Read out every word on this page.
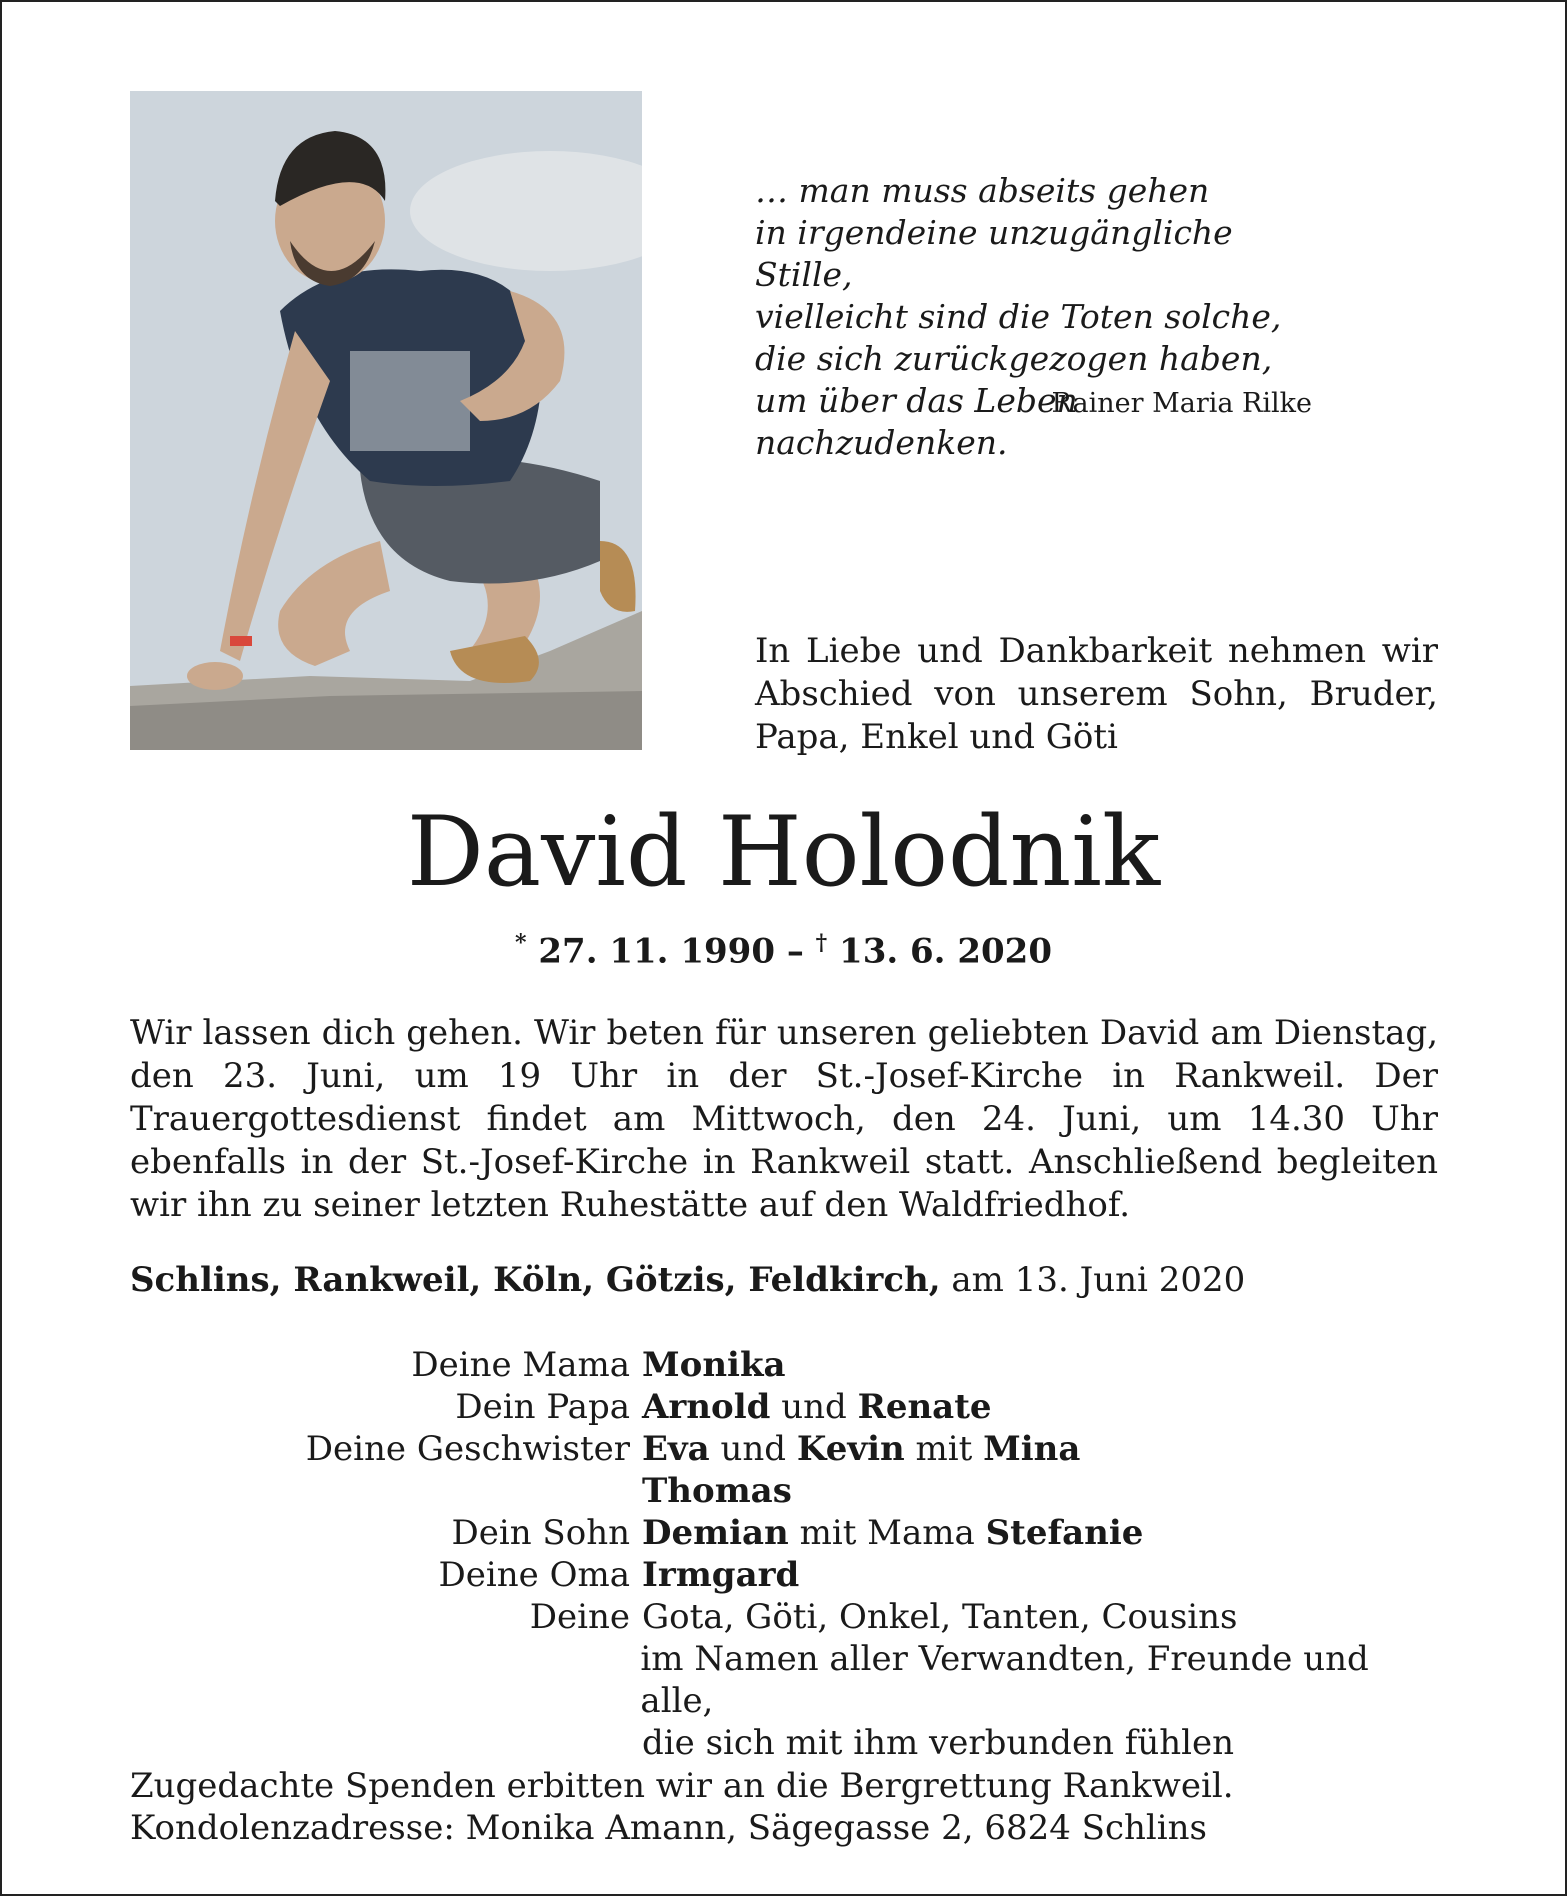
… man muss abseits gehen
in irgendeine unzugängliche Stille,
vielleicht sind die Toten solche,
die sich zurückgezogen haben,
um über das Leben nachzudenken.
Rainer Maria Rilke
In Liebe und Dankbarkeit nehmen wir Abschied von unserem Sohn, Bruder, Papa, Enkel und Göti
David Holodnik
* 27. 11. 1990 – † 13. 6. 2020
Wir lassen dich gehen. Wir beten für unseren geliebten David am Dienstag, den 23. Juni, um 19 Uhr in der St.-Josef-Kirche in Rankweil. Der Trauergottesdienst findet am Mittwoch, den 24. Juni, um 14.30 Uhr ebenfalls in der St.-Josef-Kirche in Rankweil statt. Anschließend begleiten wir ihn zu seiner letzten Ruhestätte auf den Waldfriedhof.
Schlins, Rankweil, Köln, Götzis, Feldkirch, am 13. Juni 2020
Deine Mama Monika
Dein Papa Arnold und Renate
Deine Geschwister Eva und Kevin mit Mina
Thomas
Dein Sohn Demian mit Mama Stefanie
Deine Oma Irmgard
Deine Gota, Göti, Onkel, Tanten, Cousins
im Namen aller Verwandten, Freunde und alle,
die sich mit ihm verbunden fühlen
Zugedachte Spenden erbitten wir an die Bergrettung Rankweil.
Kondolenzadresse: Monika Amann, Sägegasse 2, 6824 Schlins
